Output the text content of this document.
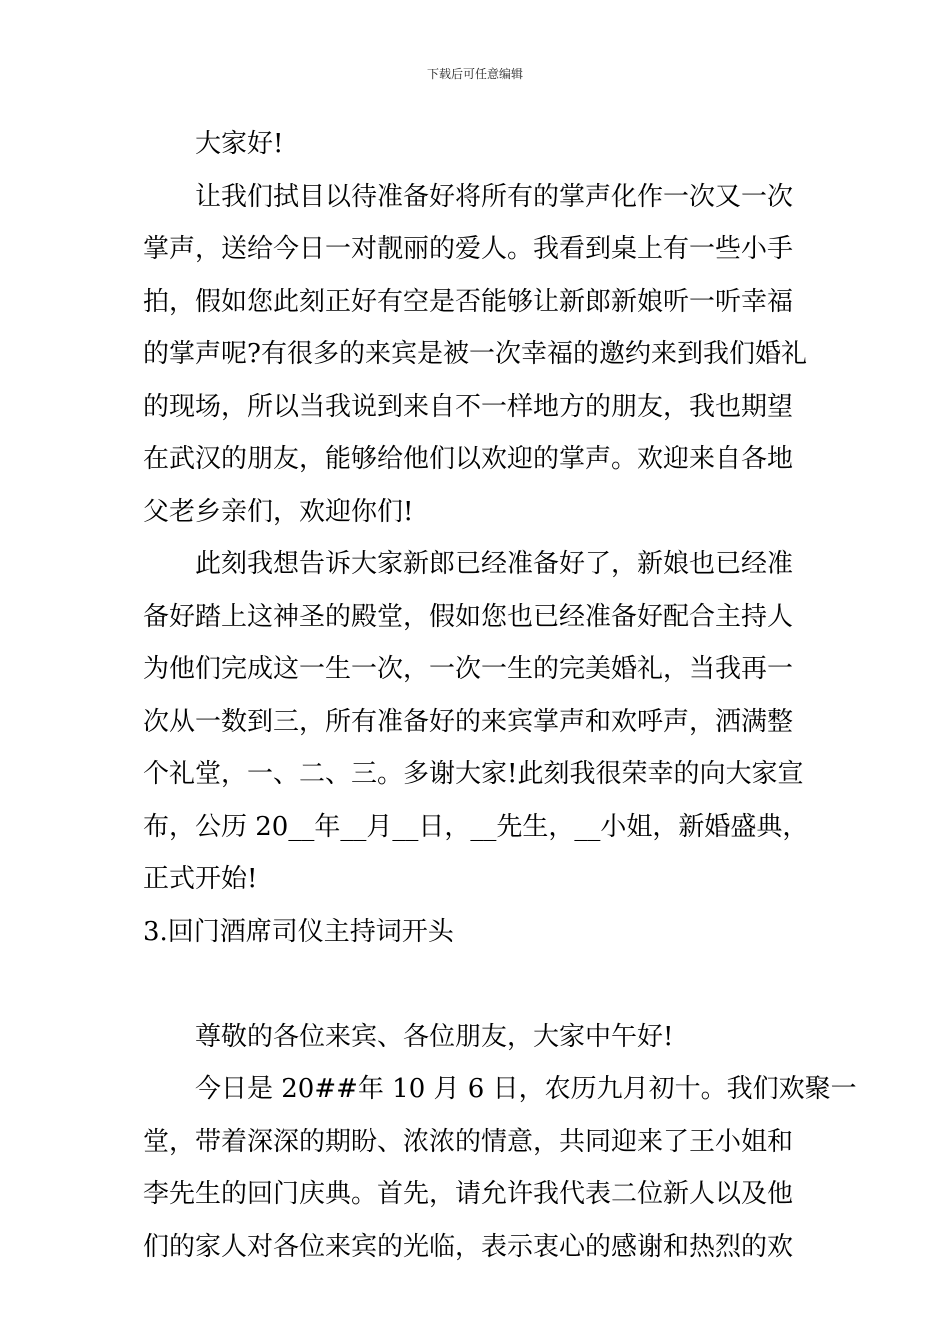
下载后可任意编辑
大家好!
让我们拭目以待准备好将所有的掌声化作一次又一次
掌声，送给今日一对靓丽的爱人。我看到桌上有一些小手
拍，假如您此刻正好有空是否能够让新郎新娘听一听幸福
的掌声呢?有很多的来宾是被一次幸福的邀约来到我们婚礼
的现场，所以当我说到来自不一样地方的朋友，我也期望
在武汉的朋友，能够给他们以欢迎的掌声。欢迎来自各地
父老乡亲们，欢迎你们!
此刻我想告诉大家新郎已经准备好了，新娘也已经准
备好踏上这神圣的殿堂，假如您也已经准备好配合主持人
为他们完成这一生一次，一次一生的完美婚礼，当我再一
次从一数到三，所有准备好的来宾掌声和欢呼声，洒满整
个礼堂，一、二、三。多谢大家!此刻我很荣幸的向大家宣
布，公历 20__年__月__日，__先生，__小姐，新婚盛典，
正式开始!
3.回门酒席司仪主持词开头
尊敬的各位来宾、各位朋友，大家中午好!
今日是 20##年 10 月 6 日，农历九月初十。我们欢聚一
堂，带着深深的期盼、浓浓的情意，共同迎来了王小姐和
李先生的回门庆典。首先，请允许我代表二位新人以及他
们的家人对各位来宾的光临，表示衷心的感谢和热烈的欢
